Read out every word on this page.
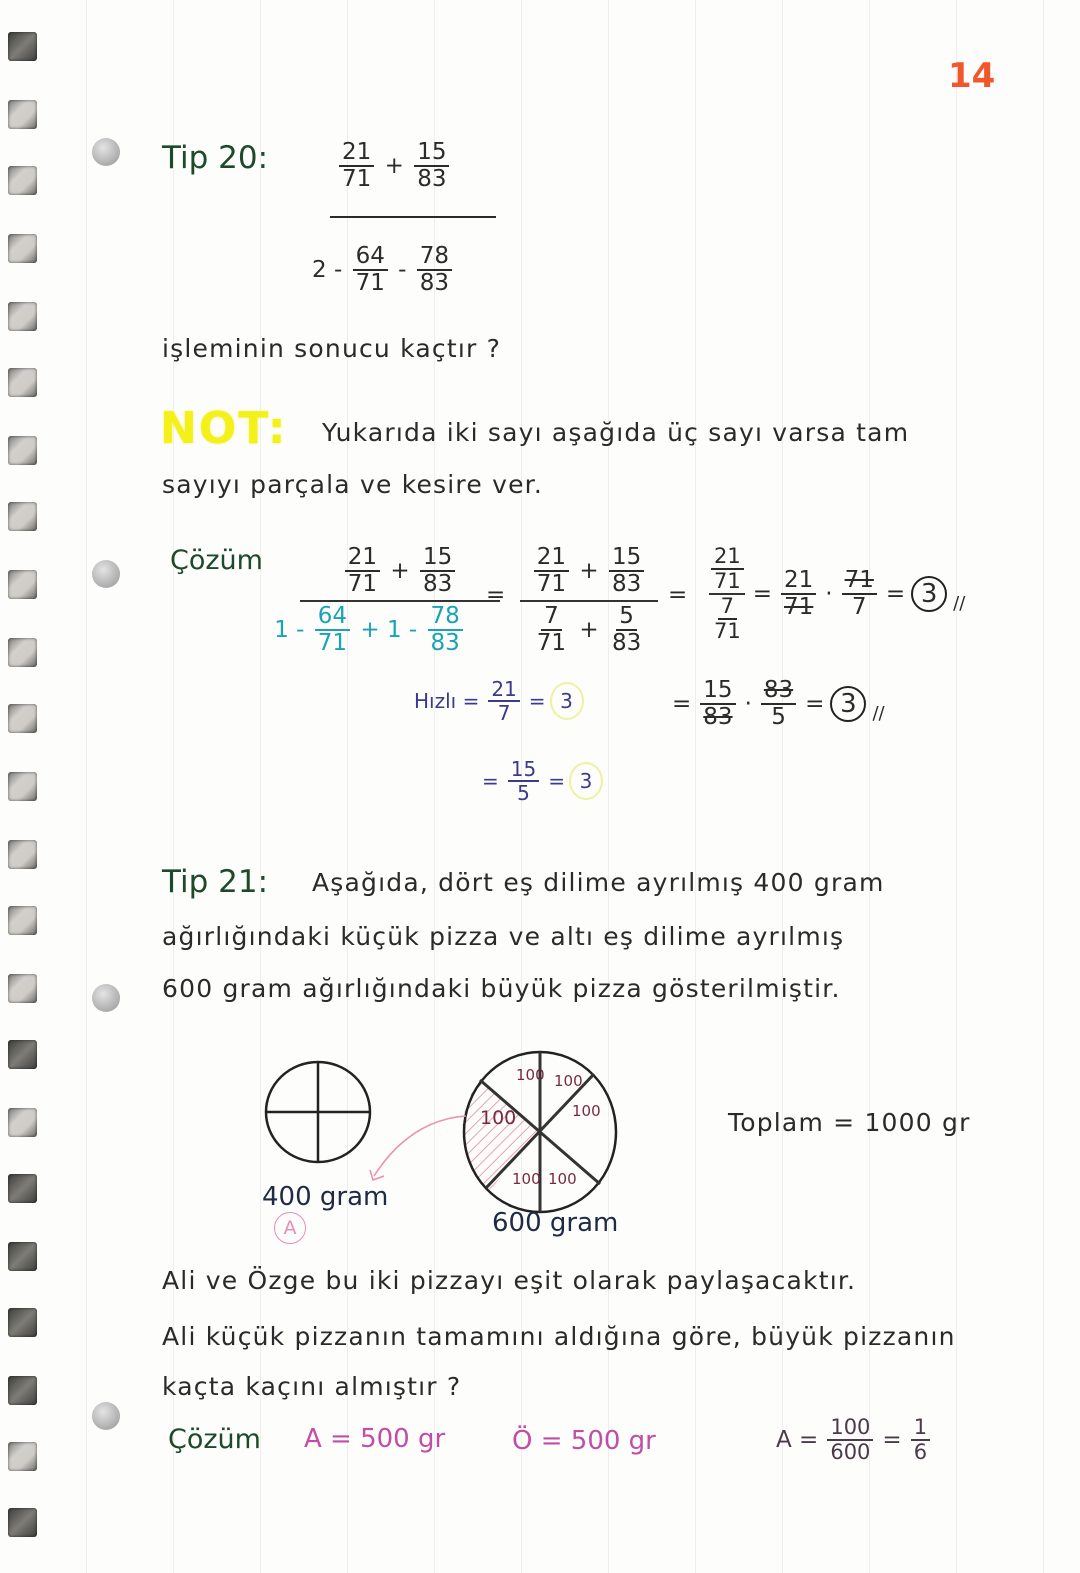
14
Tip 20:	$\frac{21}{71} + \frac{15}{83}$
$2 - \frac{64}{71} - \frac{78}{83}$
işleminin sonucu kaçtır ?
NOT: Yukarıda iki sayı aşağıda üç sayı varsa tam
sayıyı parçala ve kesire ver.
Çözüm	$\frac{21}{71} + \frac{15}{83}$
$1 - \frac{64}{71} + 1 - \frac{78}{83}$
= $\frac{21}{71} + \frac{15}{83}$
$\frac{7}{71} + \frac{5}{83}$
=
$\frac{21}{71}$
$\frac{7}{71}$
= $\frac{21}{71} \cdot \frac{71}{7} = 3$ //
= $\frac{15}{83} \cdot \frac{83}{5} = 3$ //
Hızlı = $\frac{21}{7} = 3$
= $\frac{15}{5} = 3$
Tip 21: Aşağıda, dört eş dilime ayrılmış 400 gram
ağırlığındaki küçük pizza ve altı eş dilime ayrılmış
600 gram ağırlığındaki büyük pizza gösterilmiştir.
100 100
100
100
100 100
400 gram
A	600 gram
Toplam = 1000 gr
Ali ve Özge bu iki pizzayı eşit olarak paylaşacaktır.
Ali küçük pizzanın tamamını aldığına göre, büyük pizzanın
kaçta kaçını almıştır ?
Çözüm A = 500 gr	Ö = 500 gr	$A = \frac{100}{600} = \frac{1}{6}$
